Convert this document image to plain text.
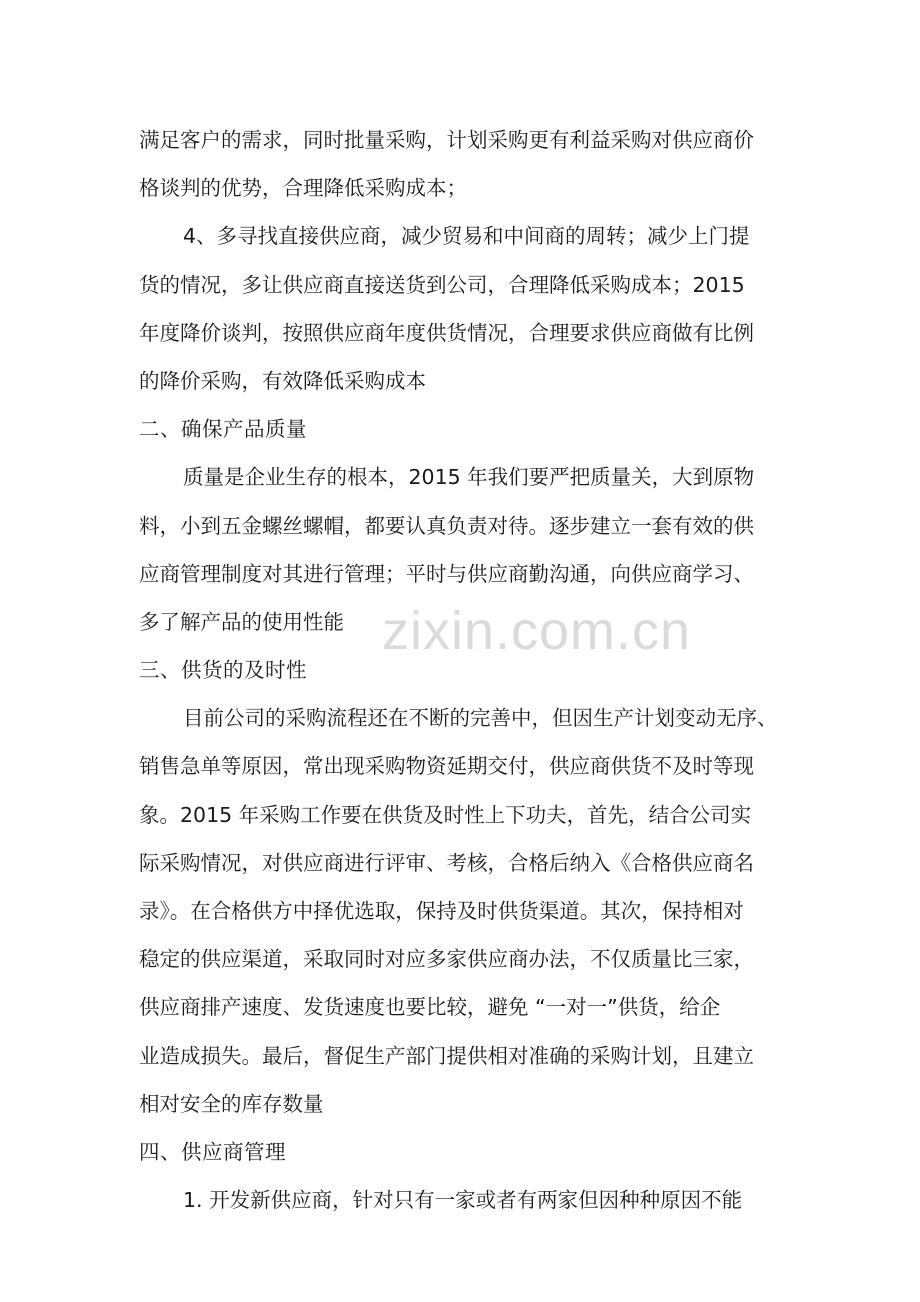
满足客户的需求，同时批量采购，计划采购更有利益采购对供应商价
格谈判的优势，合理降低采购成本；
4、多寻找直接供应商，减少贸易和中间商的周转；减少上门提
货的情况，多让供应商直接送货到公司，合理降低采购成本；2015
年度降价谈判，按照供应商年度供货情况，合理要求供应商做有比例
的降价采购，有效降低采购成本
二、确保产品质量
质量是企业生存的根本，2015 年我们要严把质量关，大到原物
料，小到五金螺丝螺帽，都要认真负责对待。逐步建立一套有效的供
应商管理制度对其进行管理；平时与供应商勤沟通，向供应商学习、
多了解产品的使用性能
三、供货的及时性
目前公司的采购流程还在不断的完善中，但因生产计划变动无序、
销售急单等原因，常出现采购物资延期交付，供应商供货不及时等现
象。2015 年采购工作要在供货及时性上下功夫，首先，结合公司实
际采购情况，对供应商进行评审、考核，合格后纳入《合格供应商名
录》。在合格供方中择优选取，保持及时供货渠道。其次，保持相对
稳定的供应渠道，采取同时对应多家供应商办法，不仅质量比三家，
供应商排产速度、发货速度也要比较，避免 “一对一”供货，给企
业造成损失。最后，督促生产部门提供相对准确的采购计划，且建立
相对安全的库存数量
四、供应商管理
1. 开发新供应商，针对只有一家或者有两家但因种种原因不能
zixin.com.cn
